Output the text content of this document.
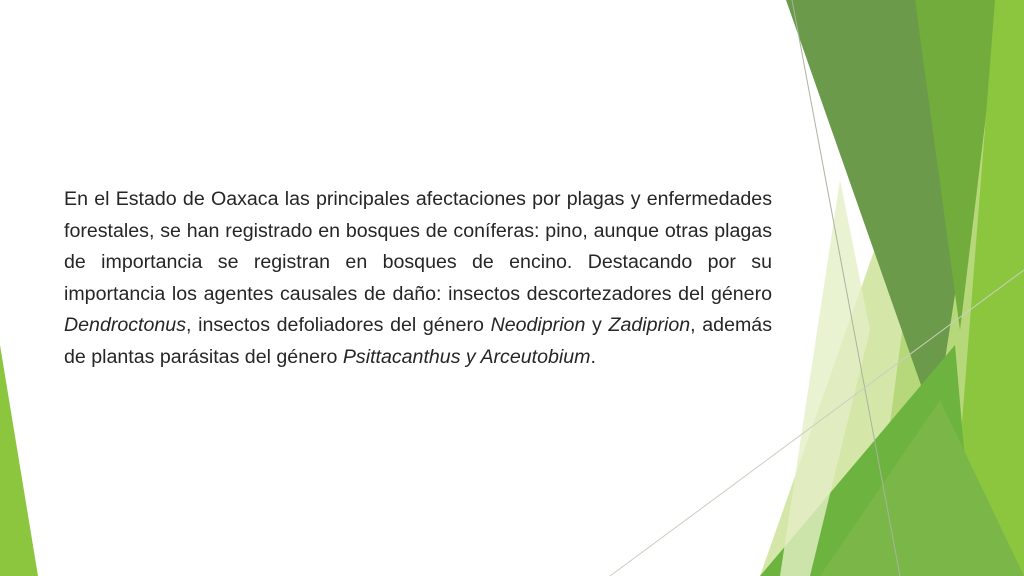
En el Estado de Oaxaca las principales afectaciones por plagas y enfermedades forestales, se han registrado en bosques de coníferas: pino, aunque otras plagas de importancia se registran en bosques de encino. Destacando por su importancia los agentes causales de daño: insectos descortezadores del género Dendroctonus, insectos defoliadores del género Neodiprion y Zadiprion, además de plantas parásitas del género Psittacanthus y Arceutobium.
